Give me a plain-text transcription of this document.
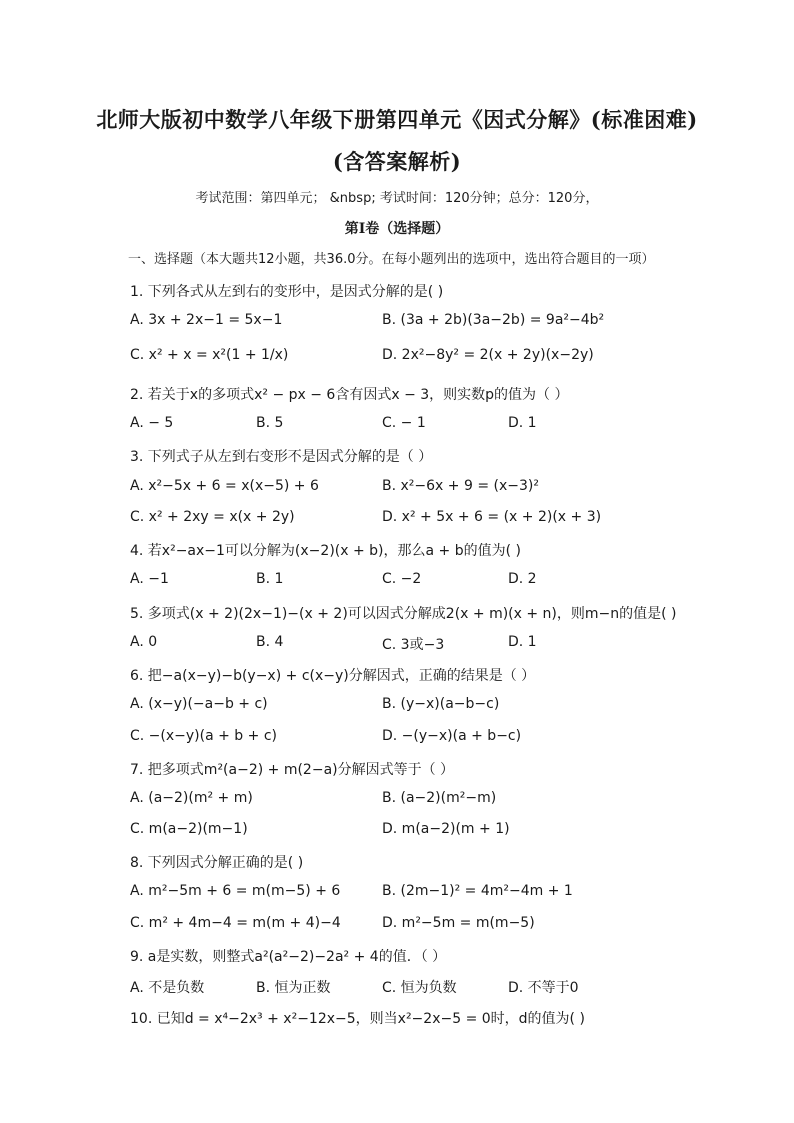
北师大版初中数学八年级下册第四单元《因式分解》(标准困难)
(含答案解析)
考试范围：第四单元； &nbsp; 考试时间：120分钟；总分：120分，
第I卷（选择题）
一、选择题（本大题共12小题，共36.0分。在每小题列出的选项中，选出符合题目的一项）
1. 下列各式从左到右的变形中，是因式分解的是( )
A. 3x + 2x−1 = 5x−1	B. (3a + 2b)(3a−2b) = 9a²−4b²
C. x² + x = x²(1 + 1/x)	D. 2x²−8y² = 2(x + 2y)(x−2y)
2. 若关于x的多项式x² − px − 6含有因式x − 3，则实数p的值为（ ）
A. − 5	B. 5	C. − 1	D. 1
3. 下列式子从左到右变形不是因式分解的是（ ）
A. x²−5x + 6 = x(x−5) + 6	B. x²−6x + 9 = (x−3)²
C. x² + 2xy = x(x + 2y)	D. x² + 5x + 6 = (x + 2)(x + 3)
4. 若x²−ax−1可以分解为(x−2)(x + b)，那么a + b的值为( )
A. −1	B. 1	C. −2	D. 2
5. 多项式(x + 2)(2x−1)−(x + 2)可以因式分解成2(x + m)(x + n)，则m−n的值是( )
A. 0	B. 4	C. 3或−3	D. 1
6. 把−a(x−y)−b(y−x) + c(x−y)分解因式，正确的结果是（ ）
A. (x−y)(−a−b + c)	B. (y−x)(a−b−c)
C. −(x−y)(a + b + c)	D. −(y−x)(a + b−c)
7. 把多项式m²(a−2) + m(2−a)分解因式等于（ ）
A. (a−2)(m² + m)	B. (a−2)(m²−m)
C. m(a−2)(m−1)	D. m(a−2)(m + 1)
8. 下列因式分解正确的是( )
A. m²−5m + 6 = m(m−5) + 6	B. (2m−1)² = 4m²−4m + 1
C. m² + 4m−4 = m(m + 4)−4	D. m²−5m = m(m−5)
9. a是实数，则整式a²(a²−2)−2a² + 4的值．（ ）
A. 不是负数	B. 恒为正数	C. 恒为负数	D. 不等于0
10. 已知d = x⁴−2x³ + x²−12x−5，则当x²−2x−5 = 0时，d的值为( )
